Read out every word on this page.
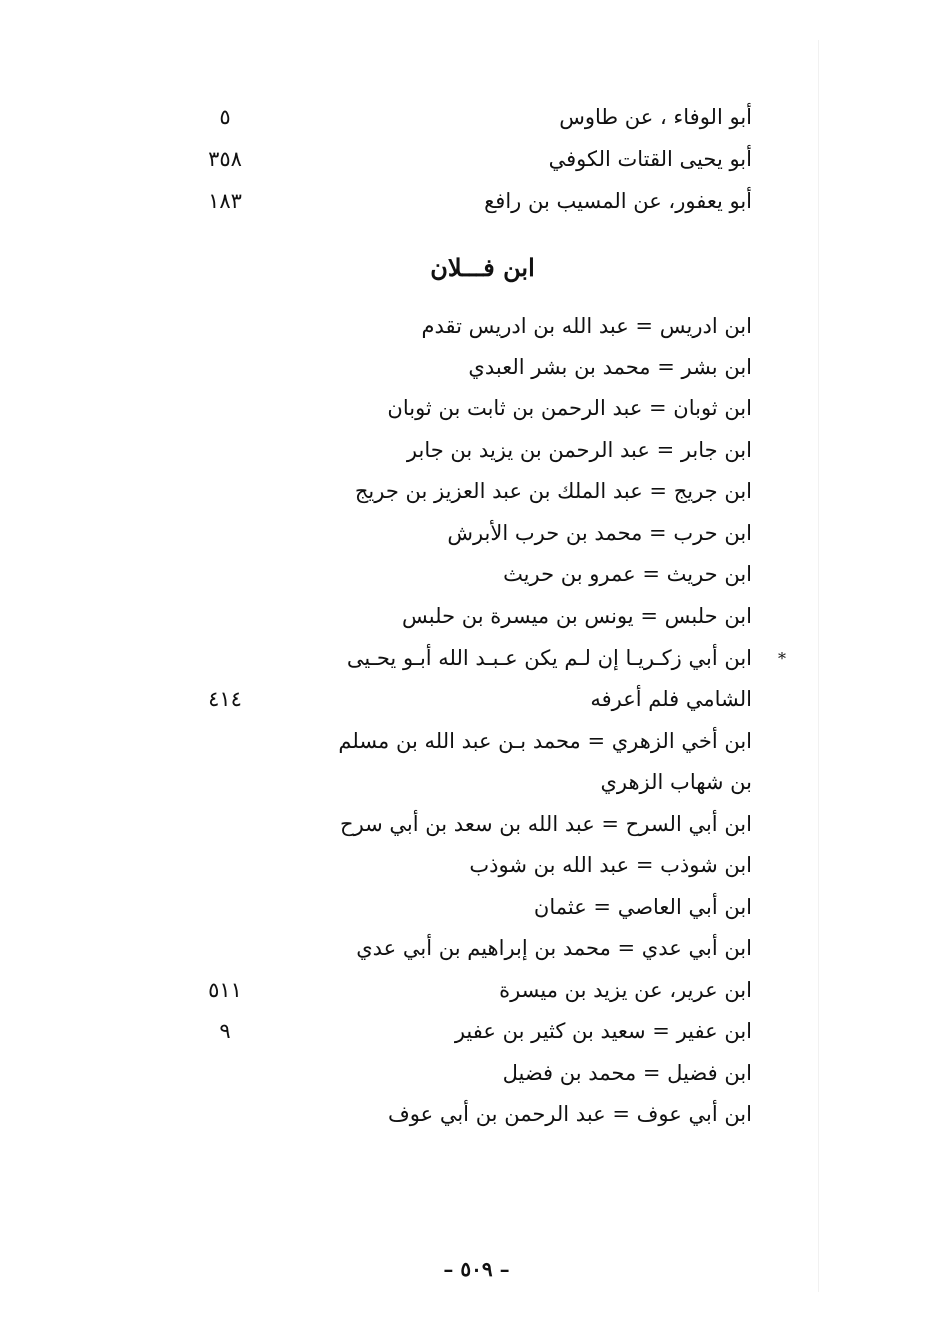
أبو الوفاء ، عن طاوس
٥
أبو يحيى القتات الكوفي
٣٥٨
أبو يعفور، عن المسيب بن رافع
١٨٣
ابن فـــلان
ابن ادريس = عبد الله بن ادريس تقدم
ابن بشر = محمد بن بشر العبدي
ابن ثوبان = عبد الرحمن بن ثابت بن ثوبان
ابن جابر = عبد الرحمن بن يزيد بن جابر
ابن جريج = عبد الملك بن عبد العزيز بن جريج
ابن حرب = محمد بن حرب الأبرش
ابن حريث = عمرو بن حريث
ابن حلبس = يونس بن ميسرة بن حلبس
*
ابن أبي زكـريـا إن لـم يكن عـبـد الله أبـو يحـيى
الشامي فلم أعرفه
٤١٤
ابن أخي الزهري = محمد بـن عبد الله بن مسلم
بن شهاب الزهري
ابن أبي السرح = عبد الله بن سعد بن أبي سرح
ابن شوذب = عبد الله بن شوذب
ابن أبي العاصي = عثمان
ابن أبي عدي = محمد بن إبراهيم بن أبي عدي
ابن عرير، عن يزيد بن ميسرة
٥١١
ابن عفير = سعيد بن كثير بن عفير
٩
ابن فضيل = محمد بن فضيل
ابن أبي عوف = عبد الرحمن بن أبي عوف
– ٥٠٩ –
